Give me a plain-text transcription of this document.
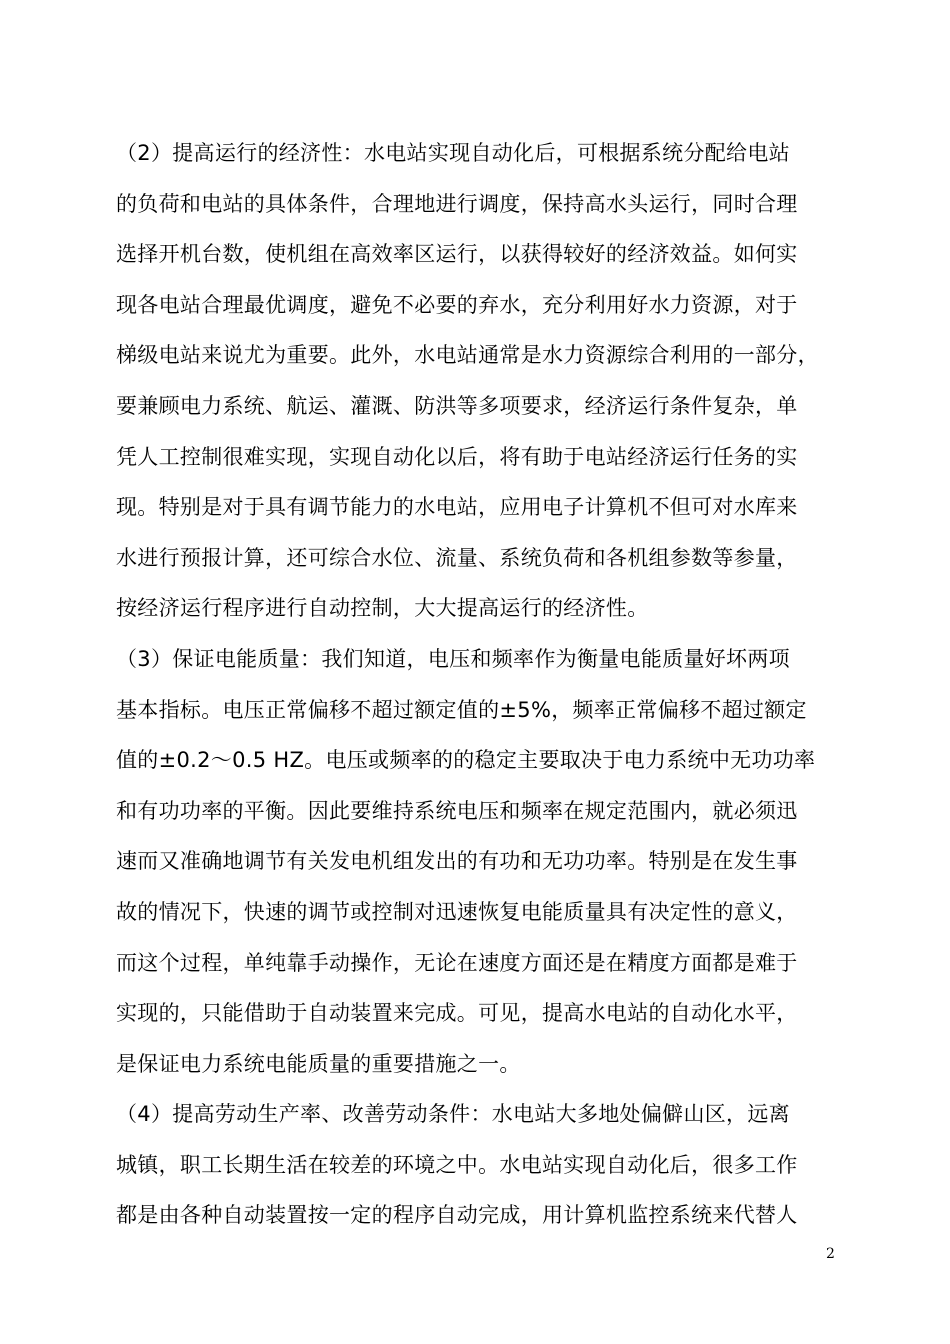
（2）提高运行的经济性：水电站实现自动化后，可根据系统分配给电站
的负荷和电站的具体条件，合理地进行调度，保持高水头运行，同时合理
选择开机台数，使机组在高效率区运行，以获得较好的经济效益。如何实
现各电站合理最优调度，避免不必要的弃水，充分利用好水力资源，对于
梯级电站来说尤为重要。此外，水电站通常是水力资源综合利用的一部分，
要兼顾电力系统、航运、灌溉、防洪等多项要求，经济运行条件复杂，单
凭人工控制很难实现，实现自动化以后，将有助于电站经济运行任务的实
现。特别是对于具有调节能力的水电站，应用电子计算机不但可对水库来
水进行预报计算，还可综合水位、流量、系统负荷和各机组参数等参量，
按经济运行程序进行自动控制，大大提高运行的经济性。
（3）保证电能质量：我们知道，电压和频率作为衡量电能质量好坏两项
基本指标。电压正常偏移不超过额定值的±5%，频率正常偏移不超过额定
值的±0.2～0.5 HZ。电压或频率的的稳定主要取决于电力系统中无功功率
和有功功率的平衡。因此要维持系统电压和频率在规定范围内，就必须迅
速而又准确地调节有关发电机组发出的有功和无功功率。特别是在发生事
故的情况下，快速的调节或控制对迅速恢复电能质量具有决定性的意义，
而这个过程，单纯靠手动操作，无论在速度方面还是在精度方面都是难于
实现的，只能借助于自动装置来完成。可见，提高水电站的自动化水平，
是保证电力系统电能质量的重要措施之一。
（4）提高劳动生产率、改善劳动条件：水电站大多地处偏僻山区，远离
城镇，职工长期生活在较差的环境之中。水电站实现自动化后，很多工作
都是由各种自动装置按一定的程序自动完成，用计算机监控系统来代替人
2
